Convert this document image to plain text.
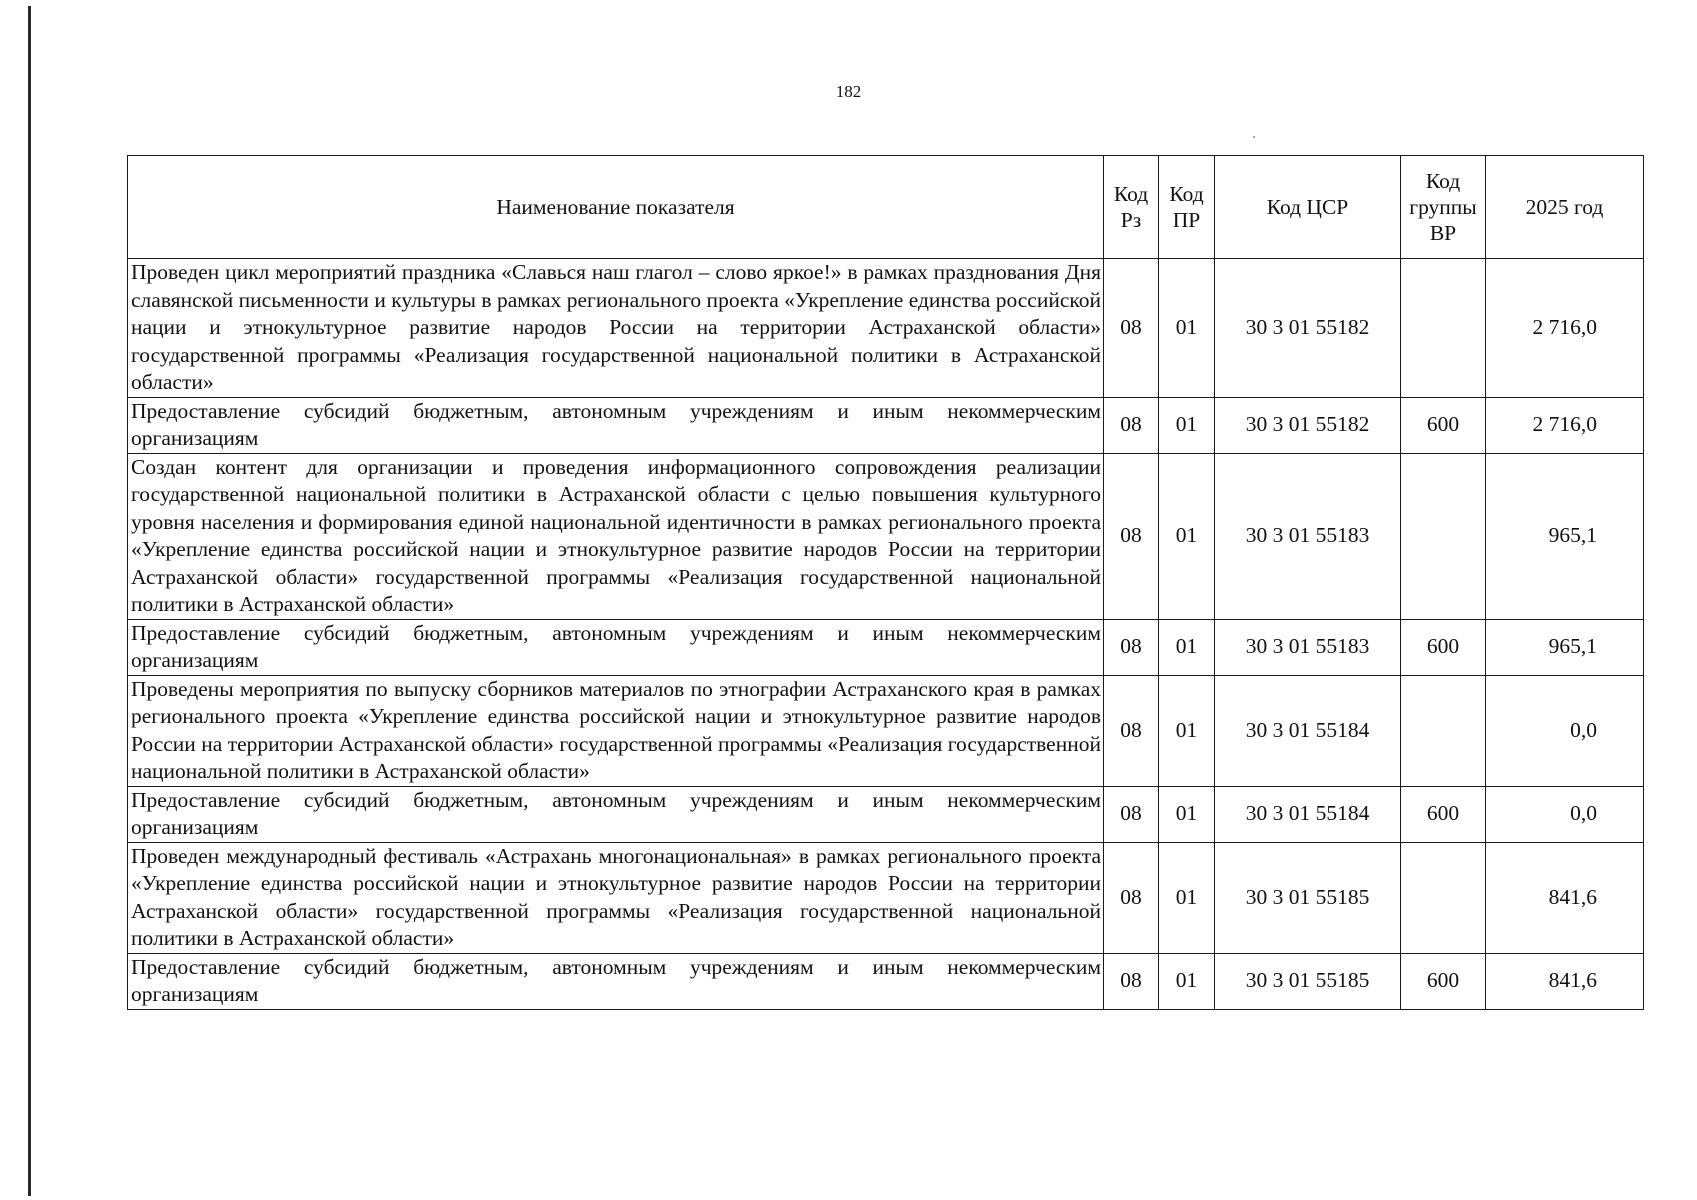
182
Наименование показателя	Код Рз	Код ПР	Код ЦСР	Код группы ВР	2025 год
Проведен цикл мероприятий праздника «Славься наш глагол – слово яркое!» в рамках празднования Дня славянской письменности и культуры в рамках регионального проекта «Укрепление единства российской нации и этнокультурное развитие народов России на территории Астраханской области» государственной программы «Реализация государственной национальной политики в Астраханской области»	08	01	30 3 01 55182		2 716,0
Предоставление субсидий бюджетным, автономным учреждениям и иным некоммерческим организациям	08	01	30 3 01 55182	600	2 716,0
Создан контент для организации и проведения информационного сопровождения реализации государственной национальной политики в Астраханской области с целью повышения культурного уровня населения и формирования единой национальной идентичности в рамках регионального проекта «Укрепление единства российской нации и этнокультурное развитие народов России на территории Астраханской области» государственной программы «Реализация государственной национальной политики в Астраханской области»	08	01	30 3 01 55183		965,1
Предоставление субсидий бюджетным, автономным учреждениям и иным некоммерческим организациям	08	01	30 3 01 55183	600	965,1
Проведены мероприятия по выпуску сборников материалов по этнографии Астраханского края в рамках регионального проекта «Укрепление единства российской нации и этнокультурное развитие народов России на территории Астраханской области» государственной программы «Реализация государственной национальной политики в Астраханской области»	08	01	30 3 01 55184		0,0
Предоставление субсидий бюджетным, автономным учреждениям и иным некоммерческим организациям	08	01	30 3 01 55184	600	0,0
Проведен международный фестиваль «Астрахань многонациональная» в рамках регионального проекта «Укрепление единства российской нации и этнокультурное развитие народов России на территории Астраханской области» государственной программы «Реализация государственной национальной политики в Астраханской области»	08	01	30 3 01 55185		841,6
Предоставление субсидий бюджетным, автономным учреждениям и иным некоммерческим организациям	08	01	30 3 01 55185	600	841,6
